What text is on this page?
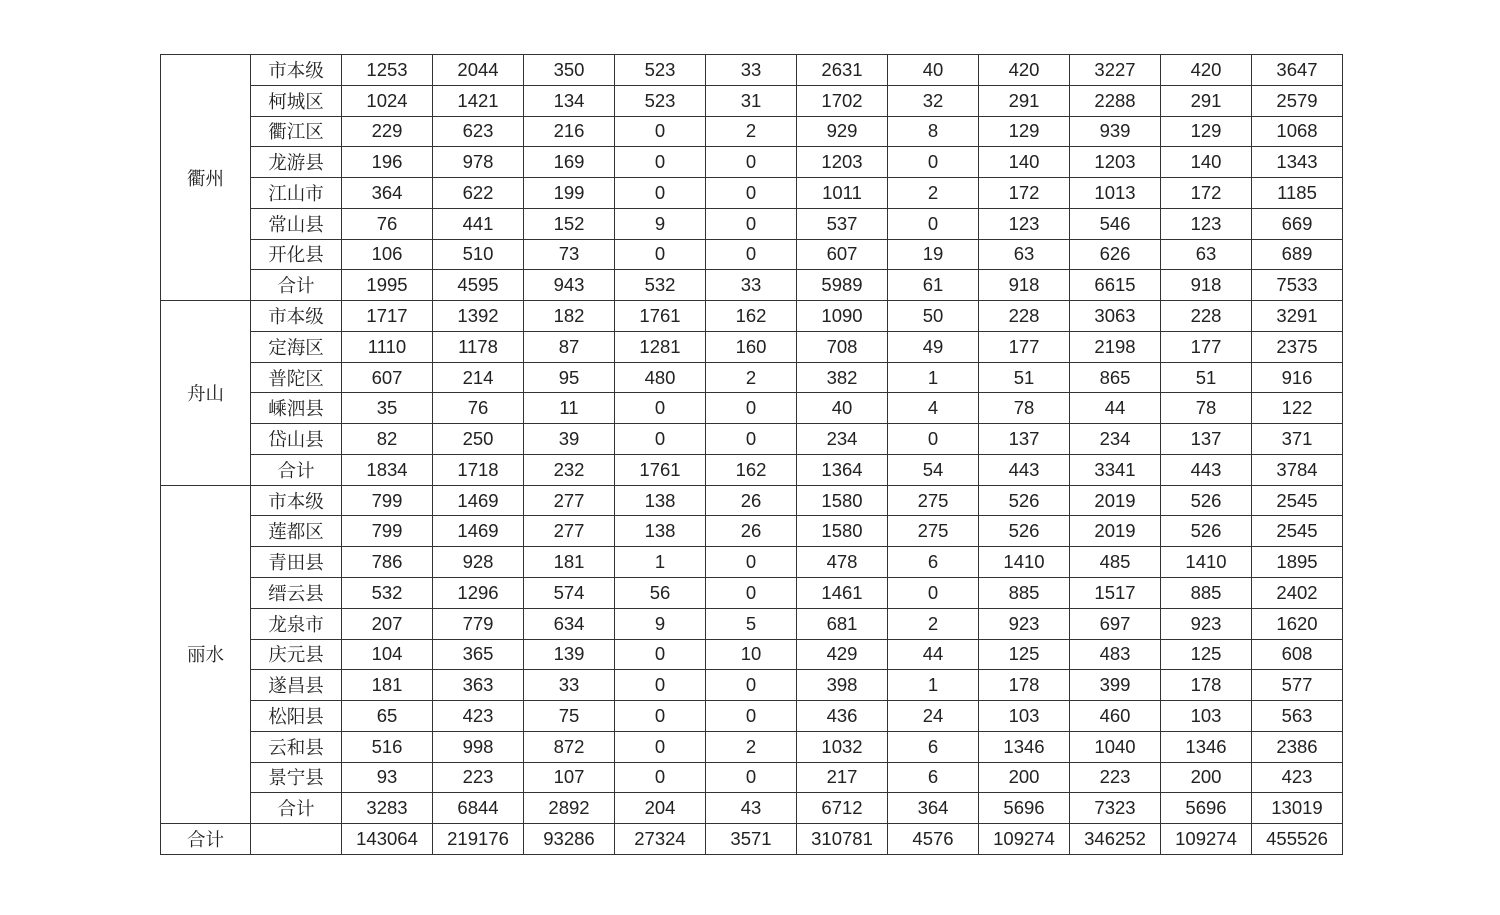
衢州	市本级	1253	2044	350	523	33	2631	40	420	3227	420	3647
	柯城区	1024	1421	134	523	31	1702	32	291	2288	291	2579
	衢江区	229	623	216	0	2	929	8	129	939	129	1068
	龙游县	196	978	169	0	0	1203	0	140	1203	140	1343
	江山市	364	622	199	0	0	1011	2	172	1013	172	1185
	常山县	76	441	152	9	0	537	0	123	546	123	669
	开化县	106	510	73	0	0	607	19	63	626	63	689
	合计	1995	4595	943	532	33	5989	61	918	6615	918	7533
舟山	市本级	1717	1392	182	1761	162	1090	50	228	3063	228	3291
	定海区	1110	1178	87	1281	160	708	49	177	2198	177	2375
	普陀区	607	214	95	480	2	382	1	51	865	51	916
	嵊泗县	35	76	11	0	0	40	4	78	44	78	122
	岱山县	82	250	39	0	0	234	0	137	234	137	371
	合计	1834	1718	232	1761	162	1364	54	443	3341	443	3784
丽水	市本级	799	1469	277	138	26	1580	275	526	2019	526	2545
	莲都区	799	1469	277	138	26	1580	275	526	2019	526	2545
	青田县	786	928	181	1	0	478	6	1410	485	1410	1895
	缙云县	532	1296	574	56	0	1461	0	885	1517	885	2402
	龙泉市	207	779	634	9	5	681	2	923	697	923	1620
	庆元县	104	365	139	0	10	429	44	125	483	125	608
	遂昌县	181	363	33	0	0	398	1	178	399	178	577
	松阳县	65	423	75	0	0	436	24	103	460	103	563
	云和县	516	998	872	0	2	1032	6	1346	1040	1346	2386
	景宁县	93	223	107	0	0	217	6	200	223	200	423
	合计	3283	6844	2892	204	43	6712	364	5696	7323	5696	13019
合计		143064	219176	93286	27324	3571	310781	4576	109274	346252	109274	455526
